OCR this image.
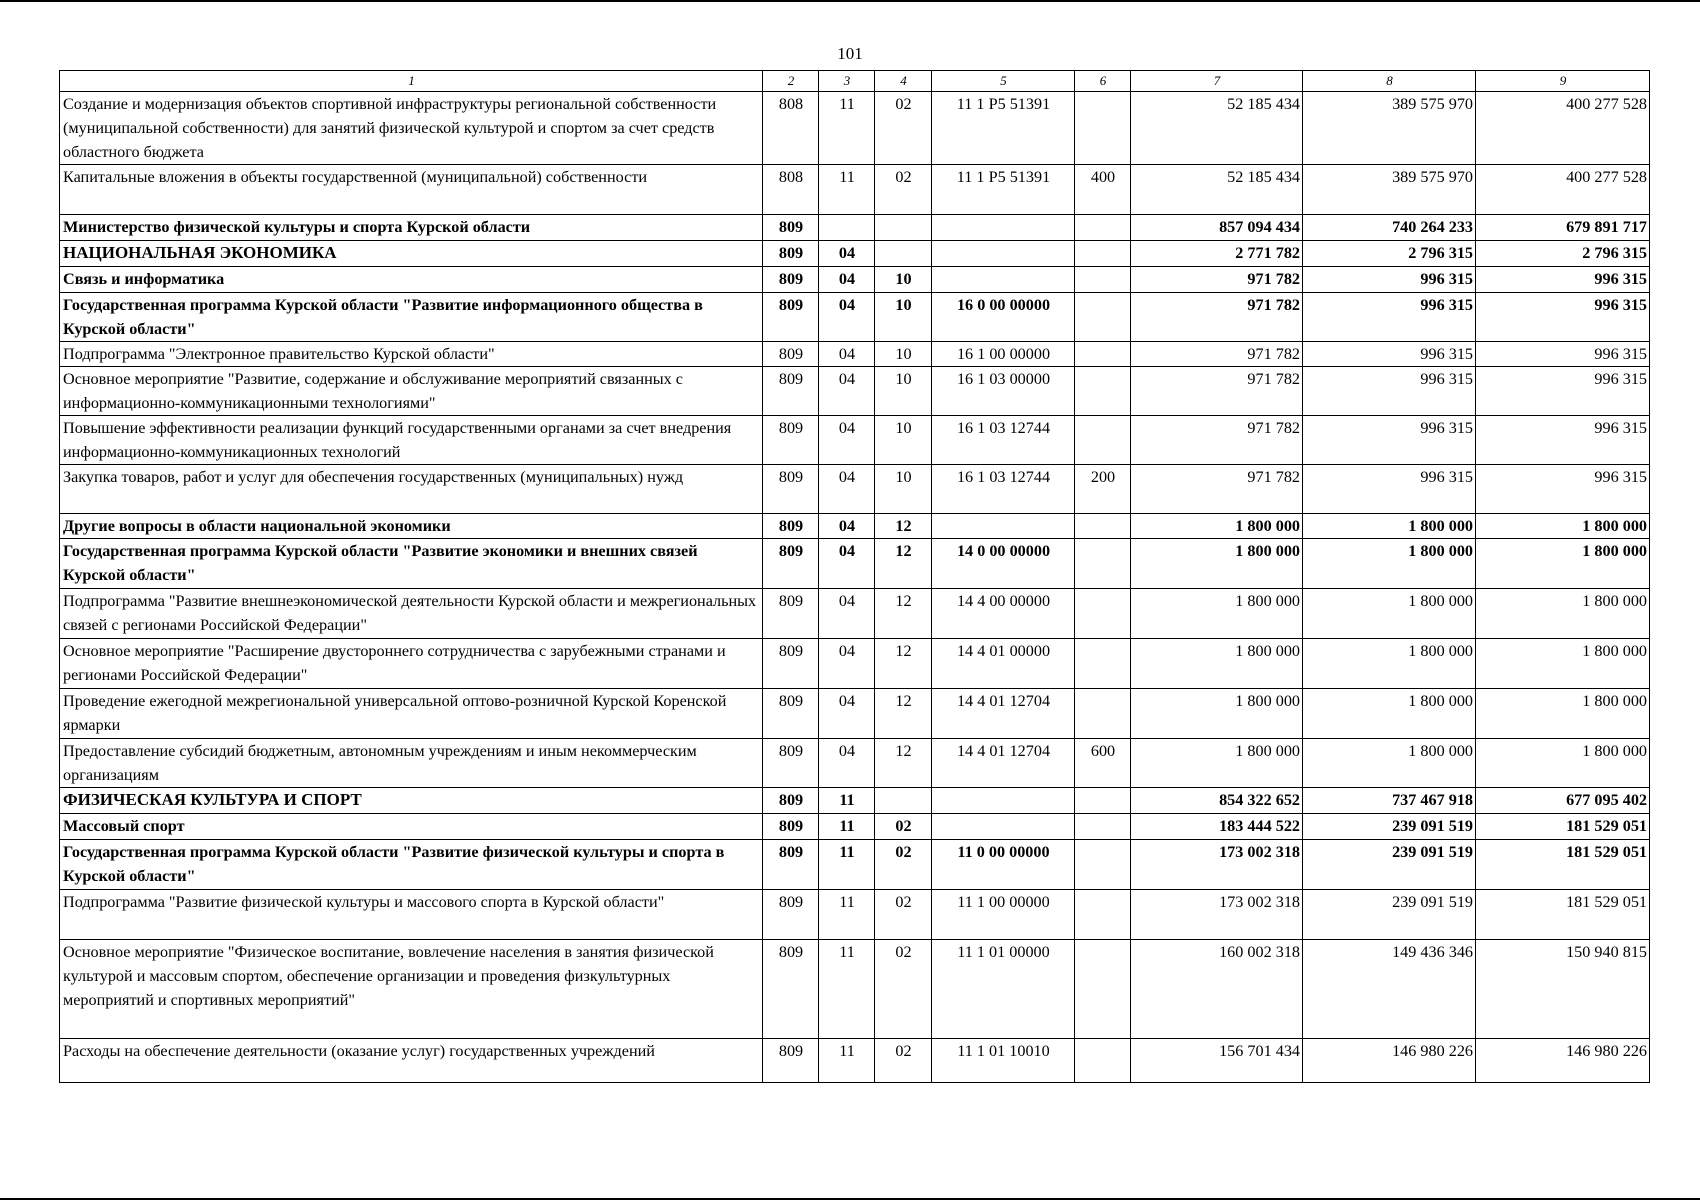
101
1	2	3	4	5	6	7	8	9
Создание и модернизация объектов спортивной инфраструктуры региональной собственности (муниципальной собственности) для занятий физической культурой и спортом за счет средств областного бюджета	808	11	02	11 1 P5 51391		52 185 434	389 575 970	400 277 528
Капитальные вложения в объекты государственной (муниципальной) собственности	808	11	02	11 1 P5 51391	400	52 185 434	389 575 970	400 277 528
Министерство физической культуры и спорта Курской области	809					857 094 434	740 264 233	679 891 717
НАЦИОНАЛЬНАЯ ЭКОНОМИКА	809	04				2 771 782	2 796 315	2 796 315
Связь и информатика	809	04	10			971 782	996 315	996 315
Государственная программа Курской области "Развитие информационного общества в Курской области"	809	04	10	16 0 00 00000		971 782	996 315	996 315
Подпрограмма "Электронное правительство Курской области"	809	04	10	16 1 00 00000		971 782	996 315	996 315
Основное мероприятие "Развитие, содержание и обслуживание мероприятий связанных с информационно-коммуникационными технологиями"	809	04	10	16 1 03 00000		971 782	996 315	996 315
Повышение эффективности реализации функций государственными органами за счет внедрения информационно-коммуникационных технологий	809	04	10	16 1 03 12744		971 782	996 315	996 315
Закупка товаров, работ и услуг для обеспечения государственных (муниципальных) нужд	809	04	10	16 1 03 12744	200	971 782	996 315	996 315
Другие вопросы в области национальной экономики	809	04	12			1 800 000	1 800 000	1 800 000
Государственная программа Курской области "Развитие экономики и внешних связей Курской области"	809	04	12	14 0 00 00000		1 800 000	1 800 000	1 800 000
Подпрограмма "Развитие внешнеэкономической деятельности Курской области и межрегиональных связей с регионами Российской Федерации"	809	04	12	14 4 00 00000		1 800 000	1 800 000	1 800 000
Основное мероприятие "Расширение двустороннего сотрудничества с зарубежными странами и регионами Российской Федерации"	809	04	12	14 4 01 00000		1 800 000	1 800 000	1 800 000
Проведение ежегодной межрегиональной универсальной оптово-розничной Курской Коренской ярмарки	809	04	12	14 4 01 12704		1 800 000	1 800 000	1 800 000
Предоставление субсидий бюджетным, автономным учреждениям и иным некоммерческим организациям	809	04	12	14 4 01 12704	600	1 800 000	1 800 000	1 800 000
ФИЗИЧЕСКАЯ КУЛЬТУРА И СПОРТ	809	11				854 322 652	737 467 918	677 095 402
Массовый спорт	809	11	02			183 444 522	239 091 519	181 529 051
Государственная программа Курской области "Развитие физической культуры и спорта в Курской области"	809	11	02	11 0 00 00000		173 002 318	239 091 519	181 529 051
Подпрограмма "Развитие физической культуры и массового спорта в Курской области"	809	11	02	11 1 00 00000		173 002 318	239 091 519	181 529 051
Основное мероприятие "Физическое воспитание, вовлечение населения в занятия физической культурой и массовым спортом, обеспечение организации и проведения физкультурных мероприятий и спортивных мероприятий"	809	11	02	11 1 01 00000		160 002 318	149 436 346	150 940 815
Расходы на обеспечение деятельности (оказание услуг) государственных учреждений	809	11	02	11 1 01 10010		156 701 434	146 980 226	146 980 226
